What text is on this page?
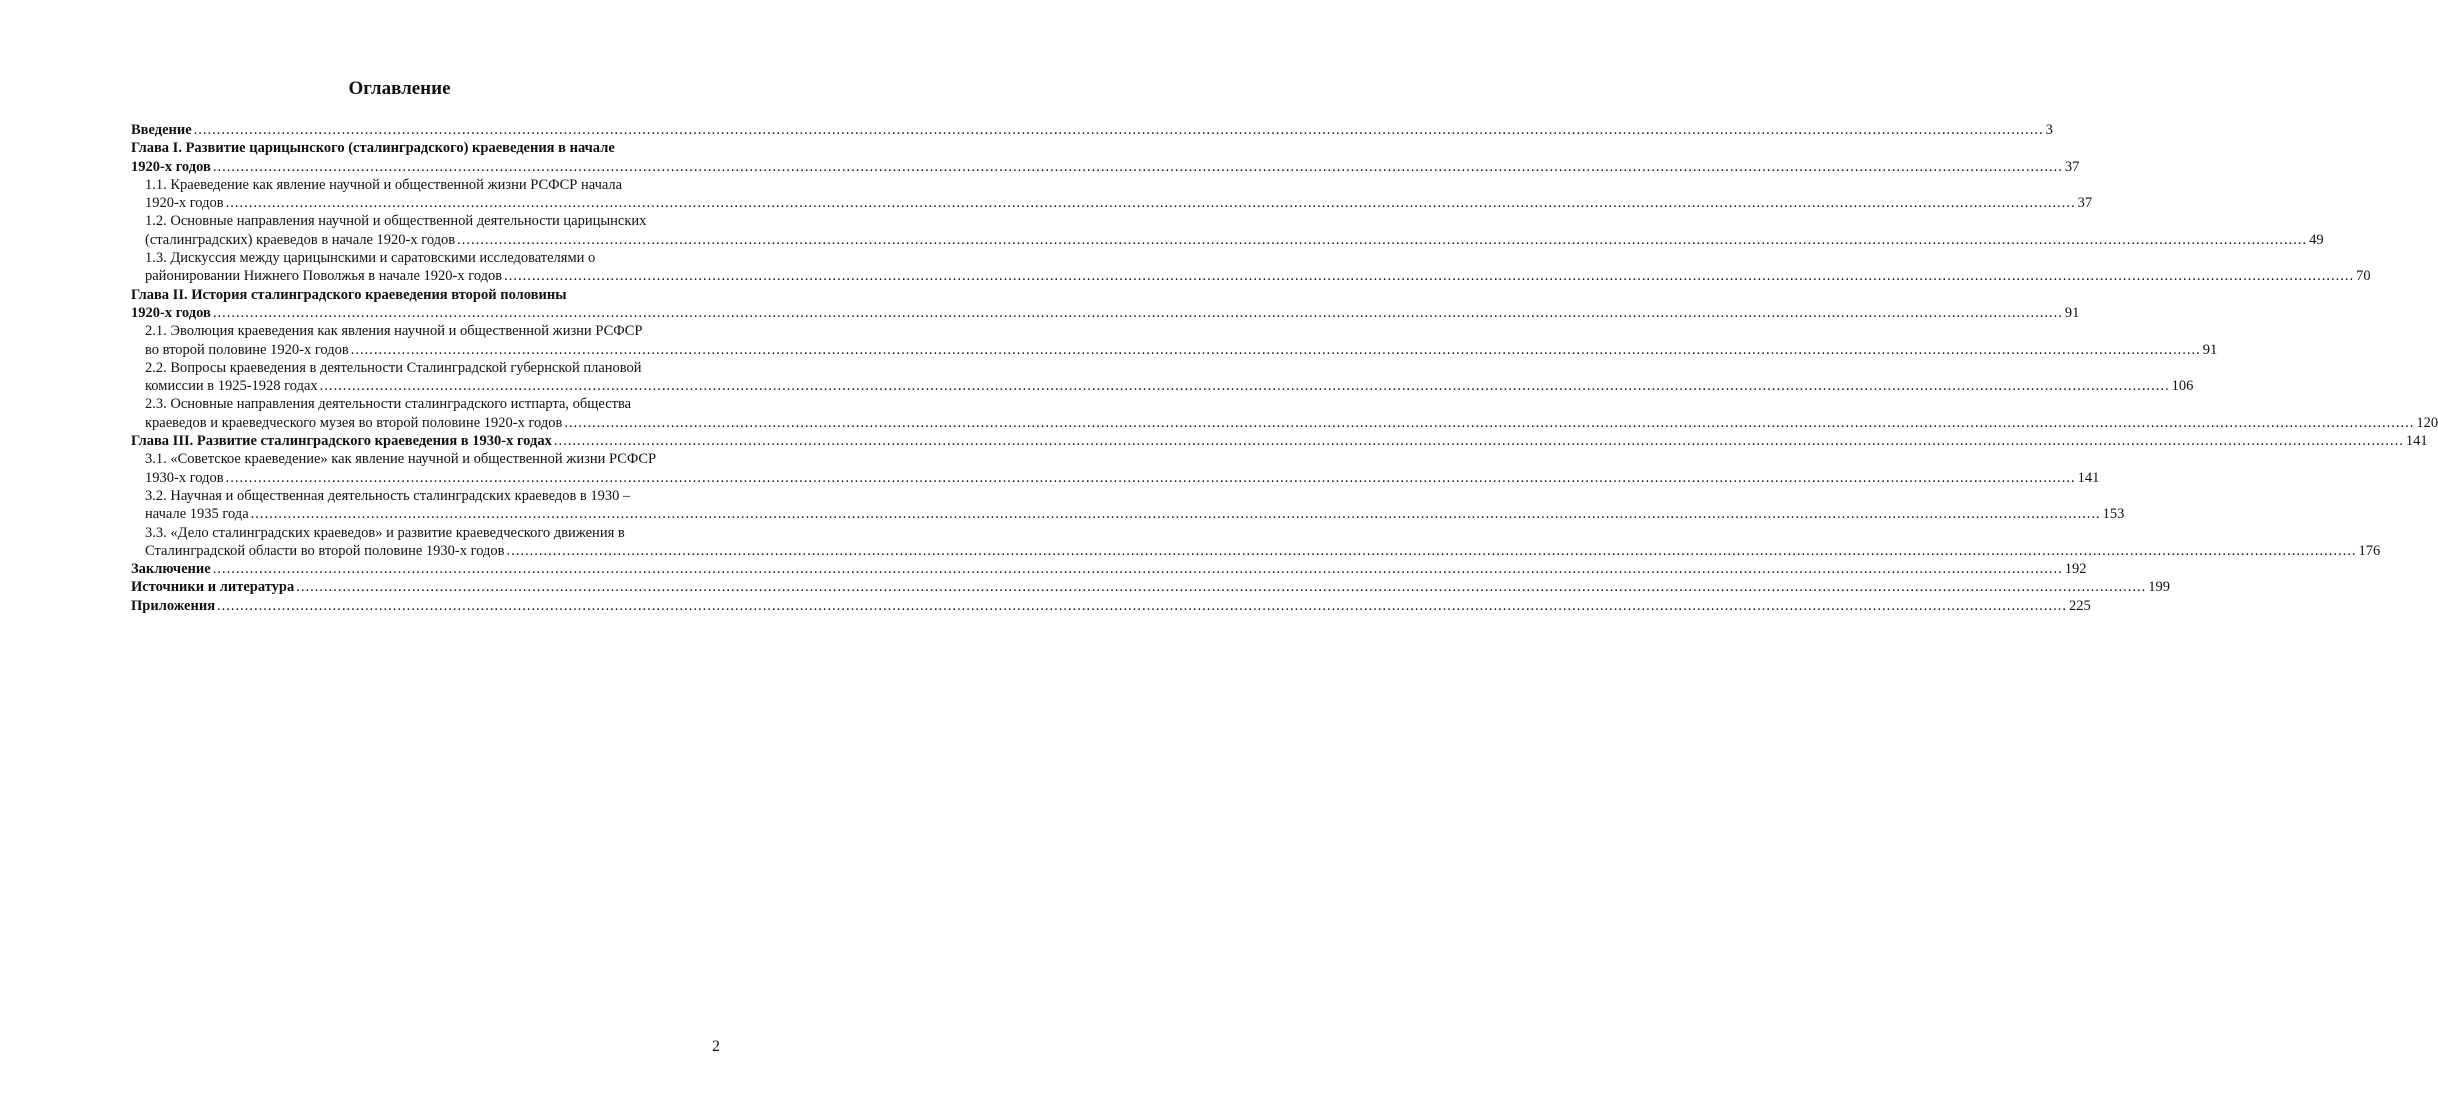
Оглавление
Введение ................................................................................................................................................................................................................................................................................................................................................................................................................ 3
Глава I. Развитие царицынского (сталинградского) краеведения в начале
1920-х годов ................................................................................................................................................................................................................................................................................................................................................................................................................ 37
1.1. Краеведение как явление научной и общественной жизни РСФСР начала
1920-х годов ................................................................................................................................................................................................................................................................................................................................................................................................................ 37
1.2. Основные направления научной и общественной деятельности царицынских
(сталинградских) краеведов в начале 1920-х годов ................................................................................................................................................................................................................................................................................................................................................................................................................ 49
1.3. Дискуссия между царицынскими и саратовскими исследователями о
районировании Нижнего Поволжья в начале 1920-х годов ................................................................................................................................................................................................................................................................................................................................................................................................................ 70
Глава II. История сталинградского краеведения второй половины
1920-х годов ................................................................................................................................................................................................................................................................................................................................................................................................................ 91
2.1. Эволюция краеведения как явления научной и общественной жизни РСФСР
во второй половине 1920-х годов ................................................................................................................................................................................................................................................................................................................................................................................................................ 91
2.2. Вопросы краеведения в деятельности Сталинградской губернской плановой
комиссии в 1925-1928 годах ................................................................................................................................................................................................................................................................................................................................................................................................................ 106
2.3. Основные направления деятельности сталинградского истпарта, общества
краеведов и краеведческого музея во второй половине 1920-х годов ................................................................................................................................................................................................................................................................................................................................................................................................................ 120
Глава III. Развитие сталинградского краеведения в 1930-х годах ................................................................................................................................................................................................................................................................................................................................................................................................................ 141
3.1. «Советское краеведение» как явление научной и общественной жизни РСФСР
1930-х годов ................................................................................................................................................................................................................................................................................................................................................................................................................ 141
3.2. Научная и общественная деятельность сталинградских краеведов в 1930 –
начале 1935 года ................................................................................................................................................................................................................................................................................................................................................................................................................ 153
3.3. «Дело сталинградских краеведов» и развитие краеведческого движения в
Сталинградской области во второй половине 1930-х годов ................................................................................................................................................................................................................................................................................................................................................................................................................ 176
Заключение ................................................................................................................................................................................................................................................................................................................................................................................................................ 192
Источники и литература ................................................................................................................................................................................................................................................................................................................................................................................................................ 199
Приложения ................................................................................................................................................................................................................................................................................................................................................................................................................ 225
2
